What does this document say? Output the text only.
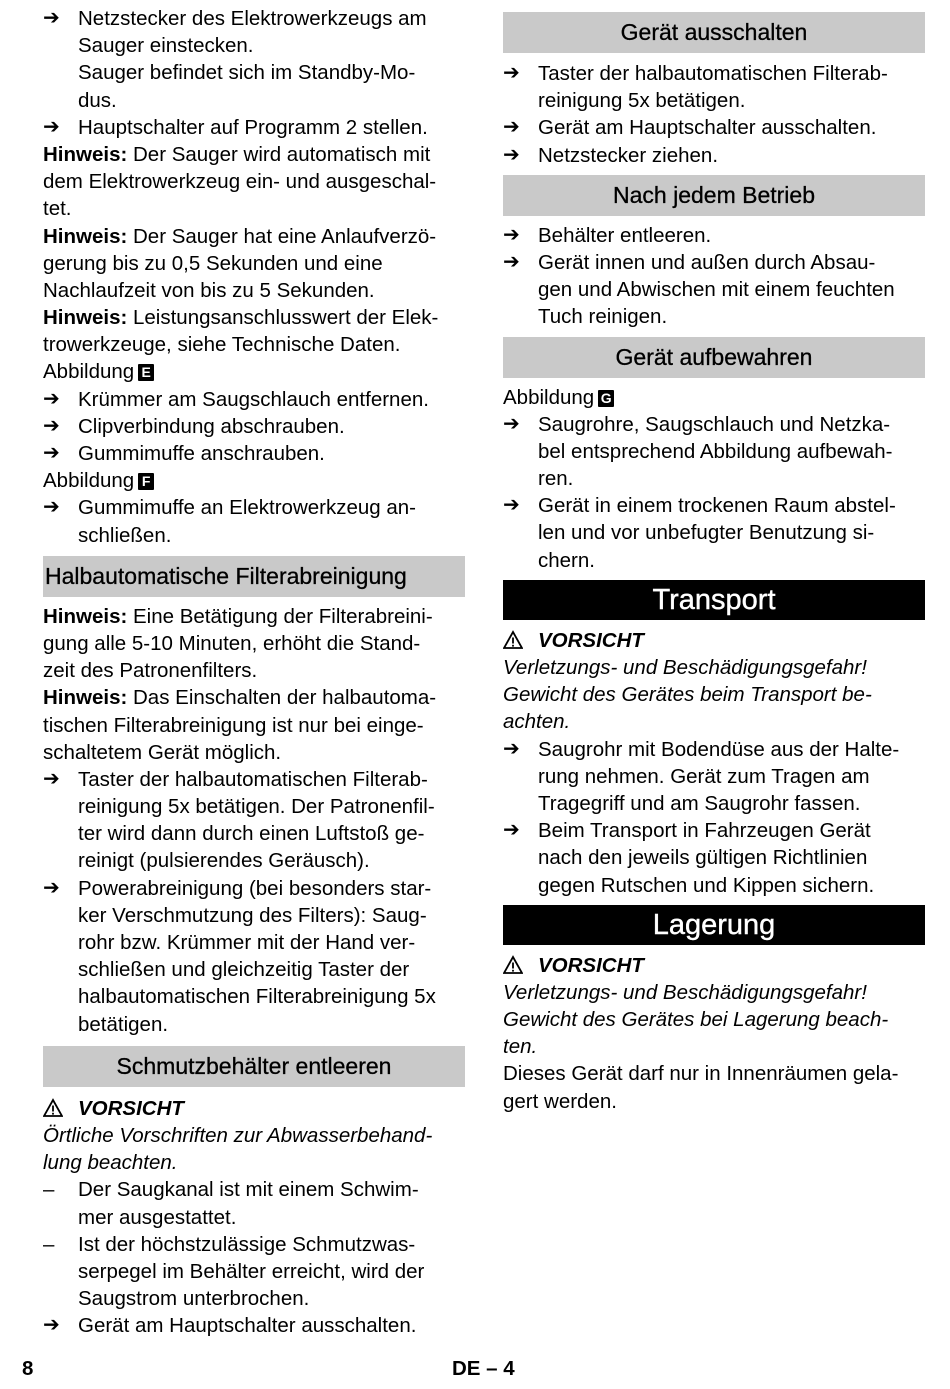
➔ Netzstecker des Elektrowerkzeugs am
Sauger einstecken.
Sauger befindet sich im Standby-Mo-
dus.
➔ Hauptschalter auf Programm 2 stellen.
Hinweis: Der Sauger wird automatisch mit
dem Elektrowerkzeug ein- und ausgeschal-
tet.
Hinweis: Der Sauger hat eine Anlaufverzö-
gerung bis zu 0,5 Sekunden und eine
Nachlaufzeit von bis zu 5 Sekunden.
Hinweis: Leistungsanschlusswert der Elek-
trowerkzeuge, siehe Technische Daten.
Abbildung E
➔ Krümmer am Saugschlauch entfernen.
➔ Clipverbindung abschrauben.
➔ Gummimuffe anschrauben.
Abbildung F
➔ Gummimuffe an Elektrowerkzeug an-
schließen.
Halbautomatische Filterabreinigung
Hinweis: Eine Betätigung der Filterabreini-
gung alle 5-10 Minuten, erhöht die Stand-
zeit des Patronenfilters.
Hinweis: Das Einschalten der halbautoma-
tischen Filterabreinigung ist nur bei einge-
schaltetem Gerät möglich.
➔ Taster der halbautomatischen Filterab-
reinigung 5x betätigen. Der Patronenfil-
ter wird dann durch einen Luftstoß ge-
reinigt (pulsierendes Geräusch).
➔ Powerabreinigung (bei besonders star-
ker Verschmutzung des Filters): Saug-
rohr bzw. Krümmer mit der Hand ver-
schließen und gleichzeitig Taster der
halbautomatischen Filterabreinigung 5x
betätigen.
Schmutzbehälter entleeren
VORSICHT
Örtliche Vorschriften zur Abwasserbehand-
lung beachten.
–	Der Saugkanal ist mit einem Schwim-
mer ausgestattet.
–	Ist der höchstzulässige Schmutzwas-
serpegel im Behälter erreicht, wird der
Saugstrom unterbrochen.
➔ Gerät am Hauptschalter ausschalten.
Gerät ausschalten
➔ Taster der halbautomatischen Filterab-
reinigung 5x betätigen.
➔ Gerät am Hauptschalter ausschalten.
➔ Netzstecker ziehen.
Nach jedem Betrieb
➔ Behälter entleeren.
➔ Gerät innen und außen durch Absau-
gen und Abwischen mit einem feuchten
Tuch reinigen.
Gerät aufbewahren
Abbildung G
➔ Saugrohre, Saugschlauch und Netzka-
bel entsprechend Abbildung aufbewah-
ren.
➔ Gerät in einem trockenen Raum abstel-
len und vor unbefugter Benutzung si-
chern.
Transport
VORSICHT
Verletzungs- und Beschädigungsgefahr!
Gewicht des Gerätes beim Transport be-
achten.
➔ Saugrohr mit Bodendüse aus der Halte-
rung nehmen. Gerät zum Tragen am
Tragegriff und am Saugrohr fassen.
➔ Beim Transport in Fahrzeugen Gerät
nach den jeweils gültigen Richtlinien
gegen Rutschen und Kippen sichern.
Lagerung
VORSICHT
Verletzungs- und Beschädigungsgefahr!
Gewicht des Gerätes bei Lagerung beach-
ten.
Dieses Gerät darf nur in Innenräumen gela-
gert werden.
8	DE – 4
